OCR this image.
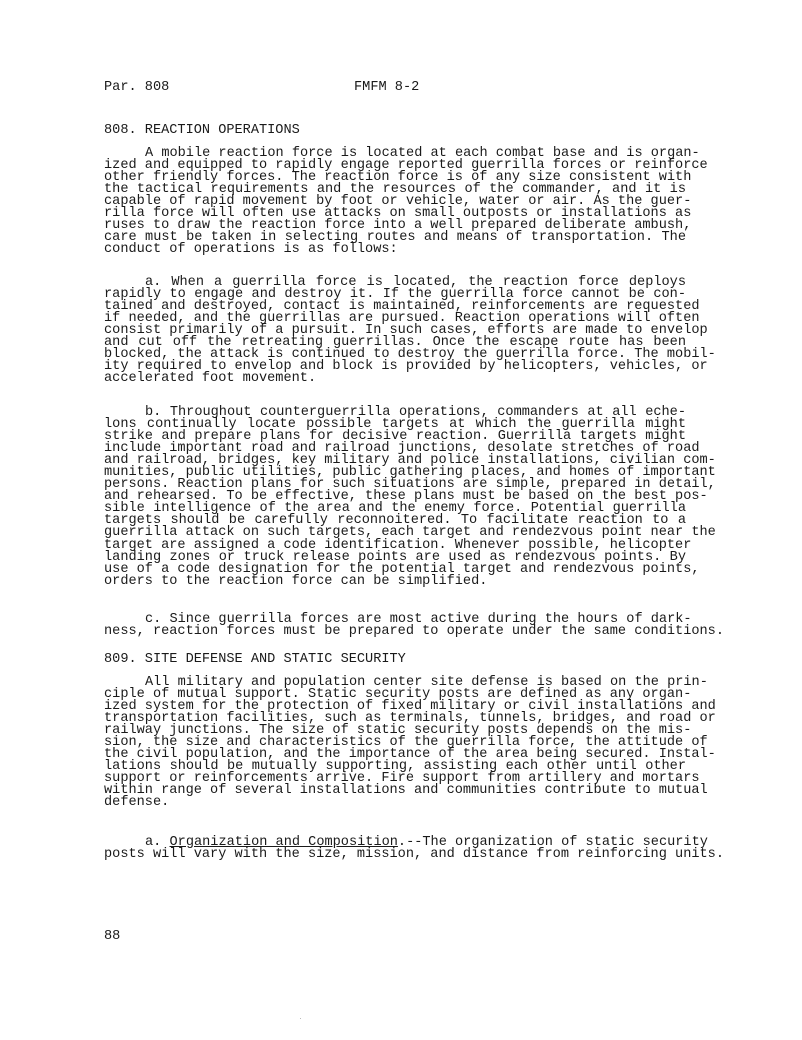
Par. 808	FMFM 8-2
808. REACTION OPERATIONS
A mobile reaction force is located at each combat base and is organ-
ized and equipped to rapidly engage reported guerrilla forces or reinforce
other friendly forces. The reaction force is of any size consistent with
the tactical requirements and the resources of the commander, and it is
capable of rapid movement by foot or vehicle, water or air. As the guer-
rilla force will often use attacks on small outposts or installations as
ruses to draw the reaction force into a well prepared deliberate ambush,
care must be taken in selecting routes and means of transportation. The
conduct of operations is as follows:
a. When a guerrilla force is located, the reaction force deploys
rapidly to engage and destroy it. If the guerrilla force cannot be con-
tained and destroyed, contact is maintained, reinforcements are requested
if needed, and the guerrillas are pursued. Reaction operations will often
consist primarily of a pursuit. In such cases, efforts are made to envelop
and cut off the retreating guerrillas. Once the escape route has been
blocked, the attack is continued to destroy the guerrilla force. The mobil-
ity required to envelop and block is provided by helicopters, vehicles, or
accelerated foot movement.
b. Throughout counterguerrilla operations, commanders at all eche-
lons continually locate possible targets at which the guerrilla might
strike and prepare plans for decisive reaction. Guerrilla targets might
include important road and railroad junctions, desolate stretches of road
and railroad, bridges, key military and police installations, civilian com-
munities, public utilities, public gathering places, and homes of important
persons. Reaction plans for such situations are simple, prepared in detail,
and rehearsed. To be effective, these plans must be based on the best pos-
sible intelligence of the area and the enemy force. Potential guerrilla
targets should be carefully reconnoitered. To facilitate reaction to a
guerrilla attack on such targets, each target and rendezvous point near the
target are assigned a code identification. Whenever possible, helicopter
landing zones or truck release points are used as rendezvous points. By
use of a code designation for the potential target and rendezvous points,
orders to the reaction force can be simplified.
c. Since guerrilla forces are most active during the hours of dark-
ness, reaction forces must be prepared to operate under the same conditions.
809. SITE DEFENSE AND STATIC SECURITY
All military and population center site defense is based on the prin-
ciple of mutual support. Static security posts are defined as any organ-
ized system for the protection of fixed military or civil installations and
transportation facilities, such as terminals, tunnels, bridges, and road or
railway junctions. The size of static security posts depends on the mis-
sion, the size and characteristics of the guerrilla force, the attitude of
the civil population, and the importance of the area being secured. Instal-
lations should be mutually supporting, assisting each other until other
support or reinforcements arrive. Fire support from artillery and mortars
within range of several installations and communities contribute to mutual
defense.
a. Organization and Composition.--The organization of static security
posts will vary with the size, mission, and distance from reinforcing units.
88
